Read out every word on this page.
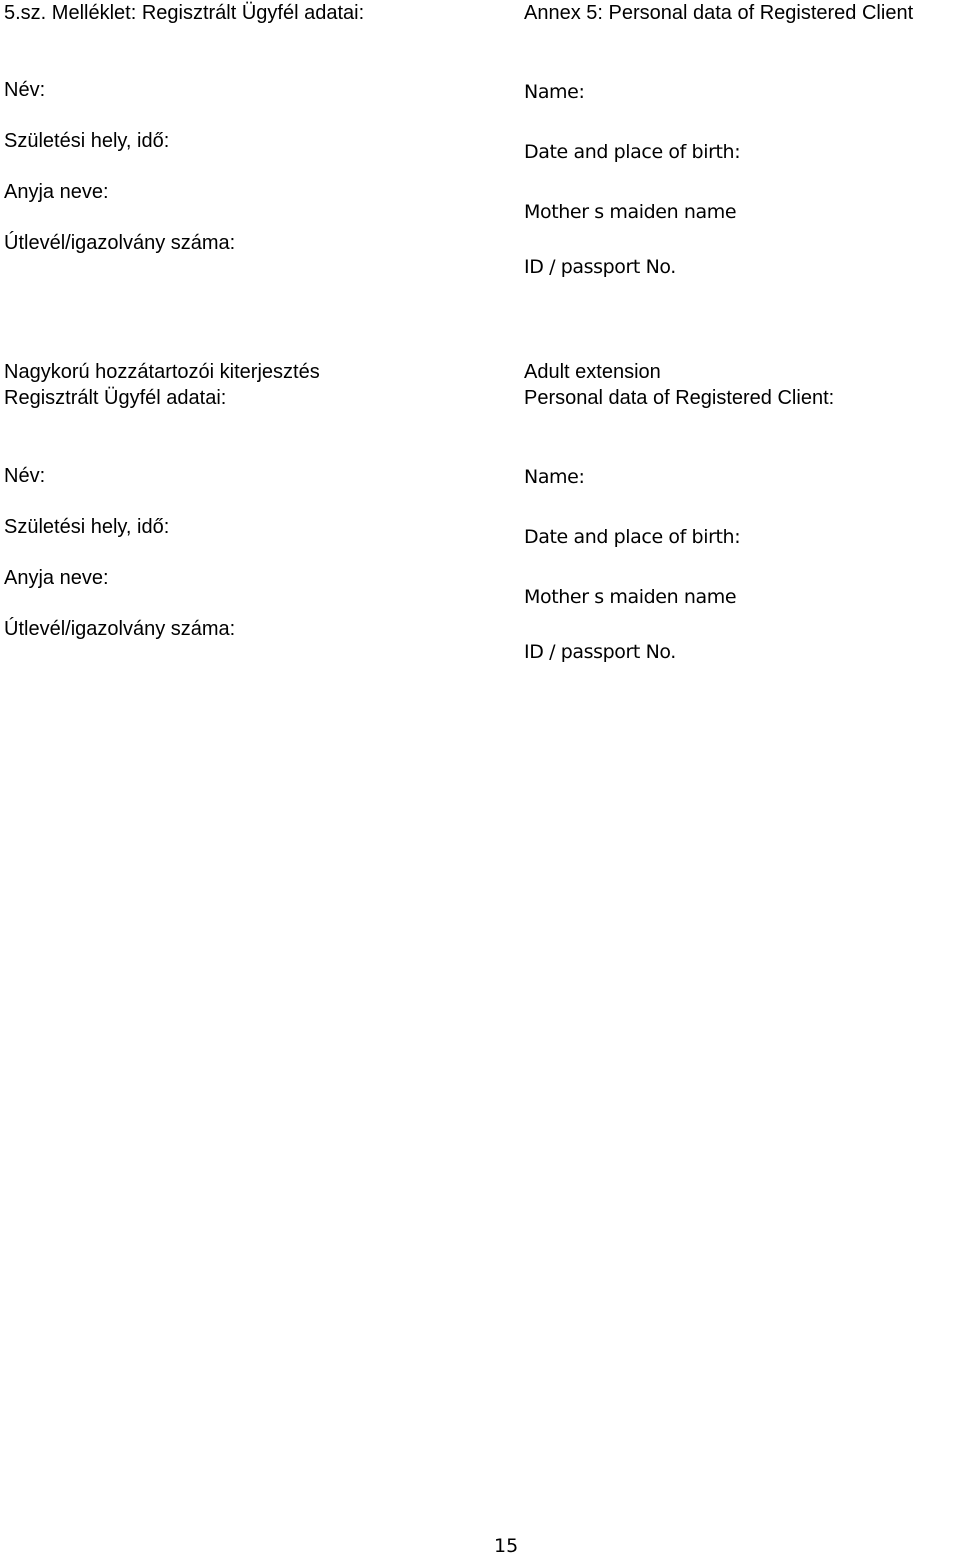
5.sz. Melléklet: Regisztrált Ügyfél adatai:	Annex 5: Personal data of Registered Client
Név:
Születési hely, idő:
Anyja neve:
Útlevél/igazolvány száma:
Name:
Date and place of birth:
Mother s maiden name
ID / passport No.
Nagykorú hozzátartozói kiterjesztés
Regisztrált Ügyfél adatai:
Adult extension
Personal data of Registered Client:
Név:
Születési hely, idő:
Anyja neve:
Útlevél/igazolvány száma:
Name:
Date and place of birth:
Mother s maiden name
ID / passport No.
15
